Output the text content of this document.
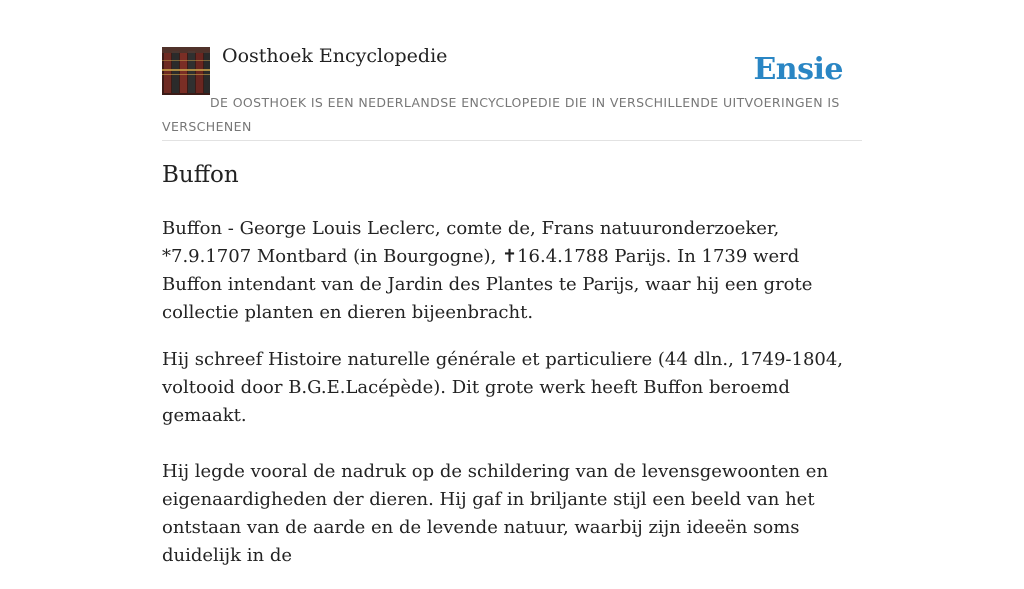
Oosthoek Encyclopedie	Ensie
DE OOSTHOEK IS EEN NEDERLANDSE ENCYCLOPEDIE DIE IN VERSCHILLENDE UITVOERINGEN IS VERSCHENEN
Buffon

Buffon - George Louis Leclerc, comte de, Frans natuuronderzoeker, *7.9.1707 Montbard (in Bourgogne), ✝16.4.1788 Parijs. In 1739 werd Buffon intendant van de Jardin des Plantes te Parijs, waar hij een grote collectie planten en dieren bijeenbracht.

Hij schreef Histoire naturelle générale et particuliere (44 dln., 1749-1804, voltooid door B.G.E.Lacépède). Dit grote werk heeft Buffon beroemd gemaakt.

Hij legde vooral de nadruk op de schildering van de levensgewoonten en eigenaardigheden der dieren. Hij gaf in briljante stijl een beeld van het ontstaan van de aarde en de levende natuur, waarbij zijn ideeën soms duidelijk in de
